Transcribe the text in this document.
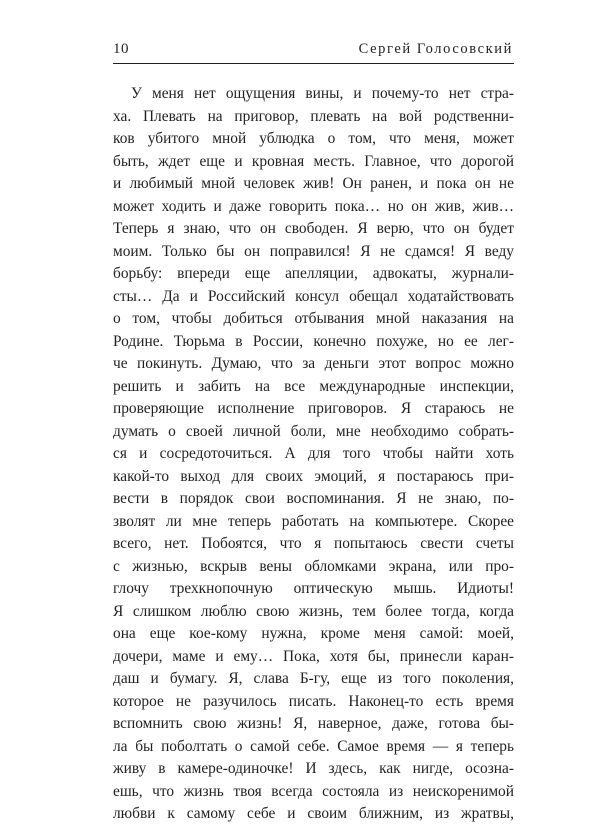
10	Сергей Голосовский
У меня нет ощущения вины, и почему-то нет стра-
ха. Плевать на приговор, плевать на вой родственни-
ков убитого мной ублюдка о том, что меня, может
быть, ждет еще и кровная месть. Главное, что дорогой
и любимый мной человек жив! Он ранен, и пока он не
может ходить и даже говорить пока… но он жив, жив…
Теперь я знаю, что он свободен. Я верю, что он будет
моим. Только бы он поправился! Я не сдамся! Я веду
борьбу: впереди еще апелляции, адвокаты, журнали-
сты… Да и Российский консул обещал ходатайствовать
о том, чтобы добиться отбывания мной наказания на
Родине. Тюрьма в России, конечно похуже, но ее лег-
че покинуть. Думаю, что за деньги этот вопрос можно
решить и забить на все международные инспекции,
проверяющие исполнение приговоров. Я стараюсь не
думать о своей личной боли, мне необходимо собрать-
ся и сосредоточиться. А для того чтобы найти хоть
какой-то выход для своих эмоций, я постараюсь при-
вести в порядок свои воспоминания. Я не знаю, по-
зволят ли мне теперь работать на компьютере. Скорее
всего, нет. Побоятся, что я попытаюсь свести счеты
с жизнью, вскрыв вены обломками экрана, или про-
глочу трехкнопочную оптическую мышь. Идиоты!
Я слишком люблю свою жизнь, тем более тогда, когда
она еще кое-кому нужна, кроме меня самой: моей,
дочери, маме и ему… Пока, хотя бы, принесли каран-
даш и бумагу. Я, слава Б-гу, еще из того поколения,
которое не разучилось писать. Наконец-то есть время
вспомнить свою жизнь! Я, наверное, даже, готова бы-
ла бы поболтать о самой себе. Самое время — я теперь
живу в камере-одиночке! И здесь, как нигде, осозна-
ешь, что жизнь твоя всегда состояла из неискоренимой
любви к самому себе и своим ближним, из жратвы,
